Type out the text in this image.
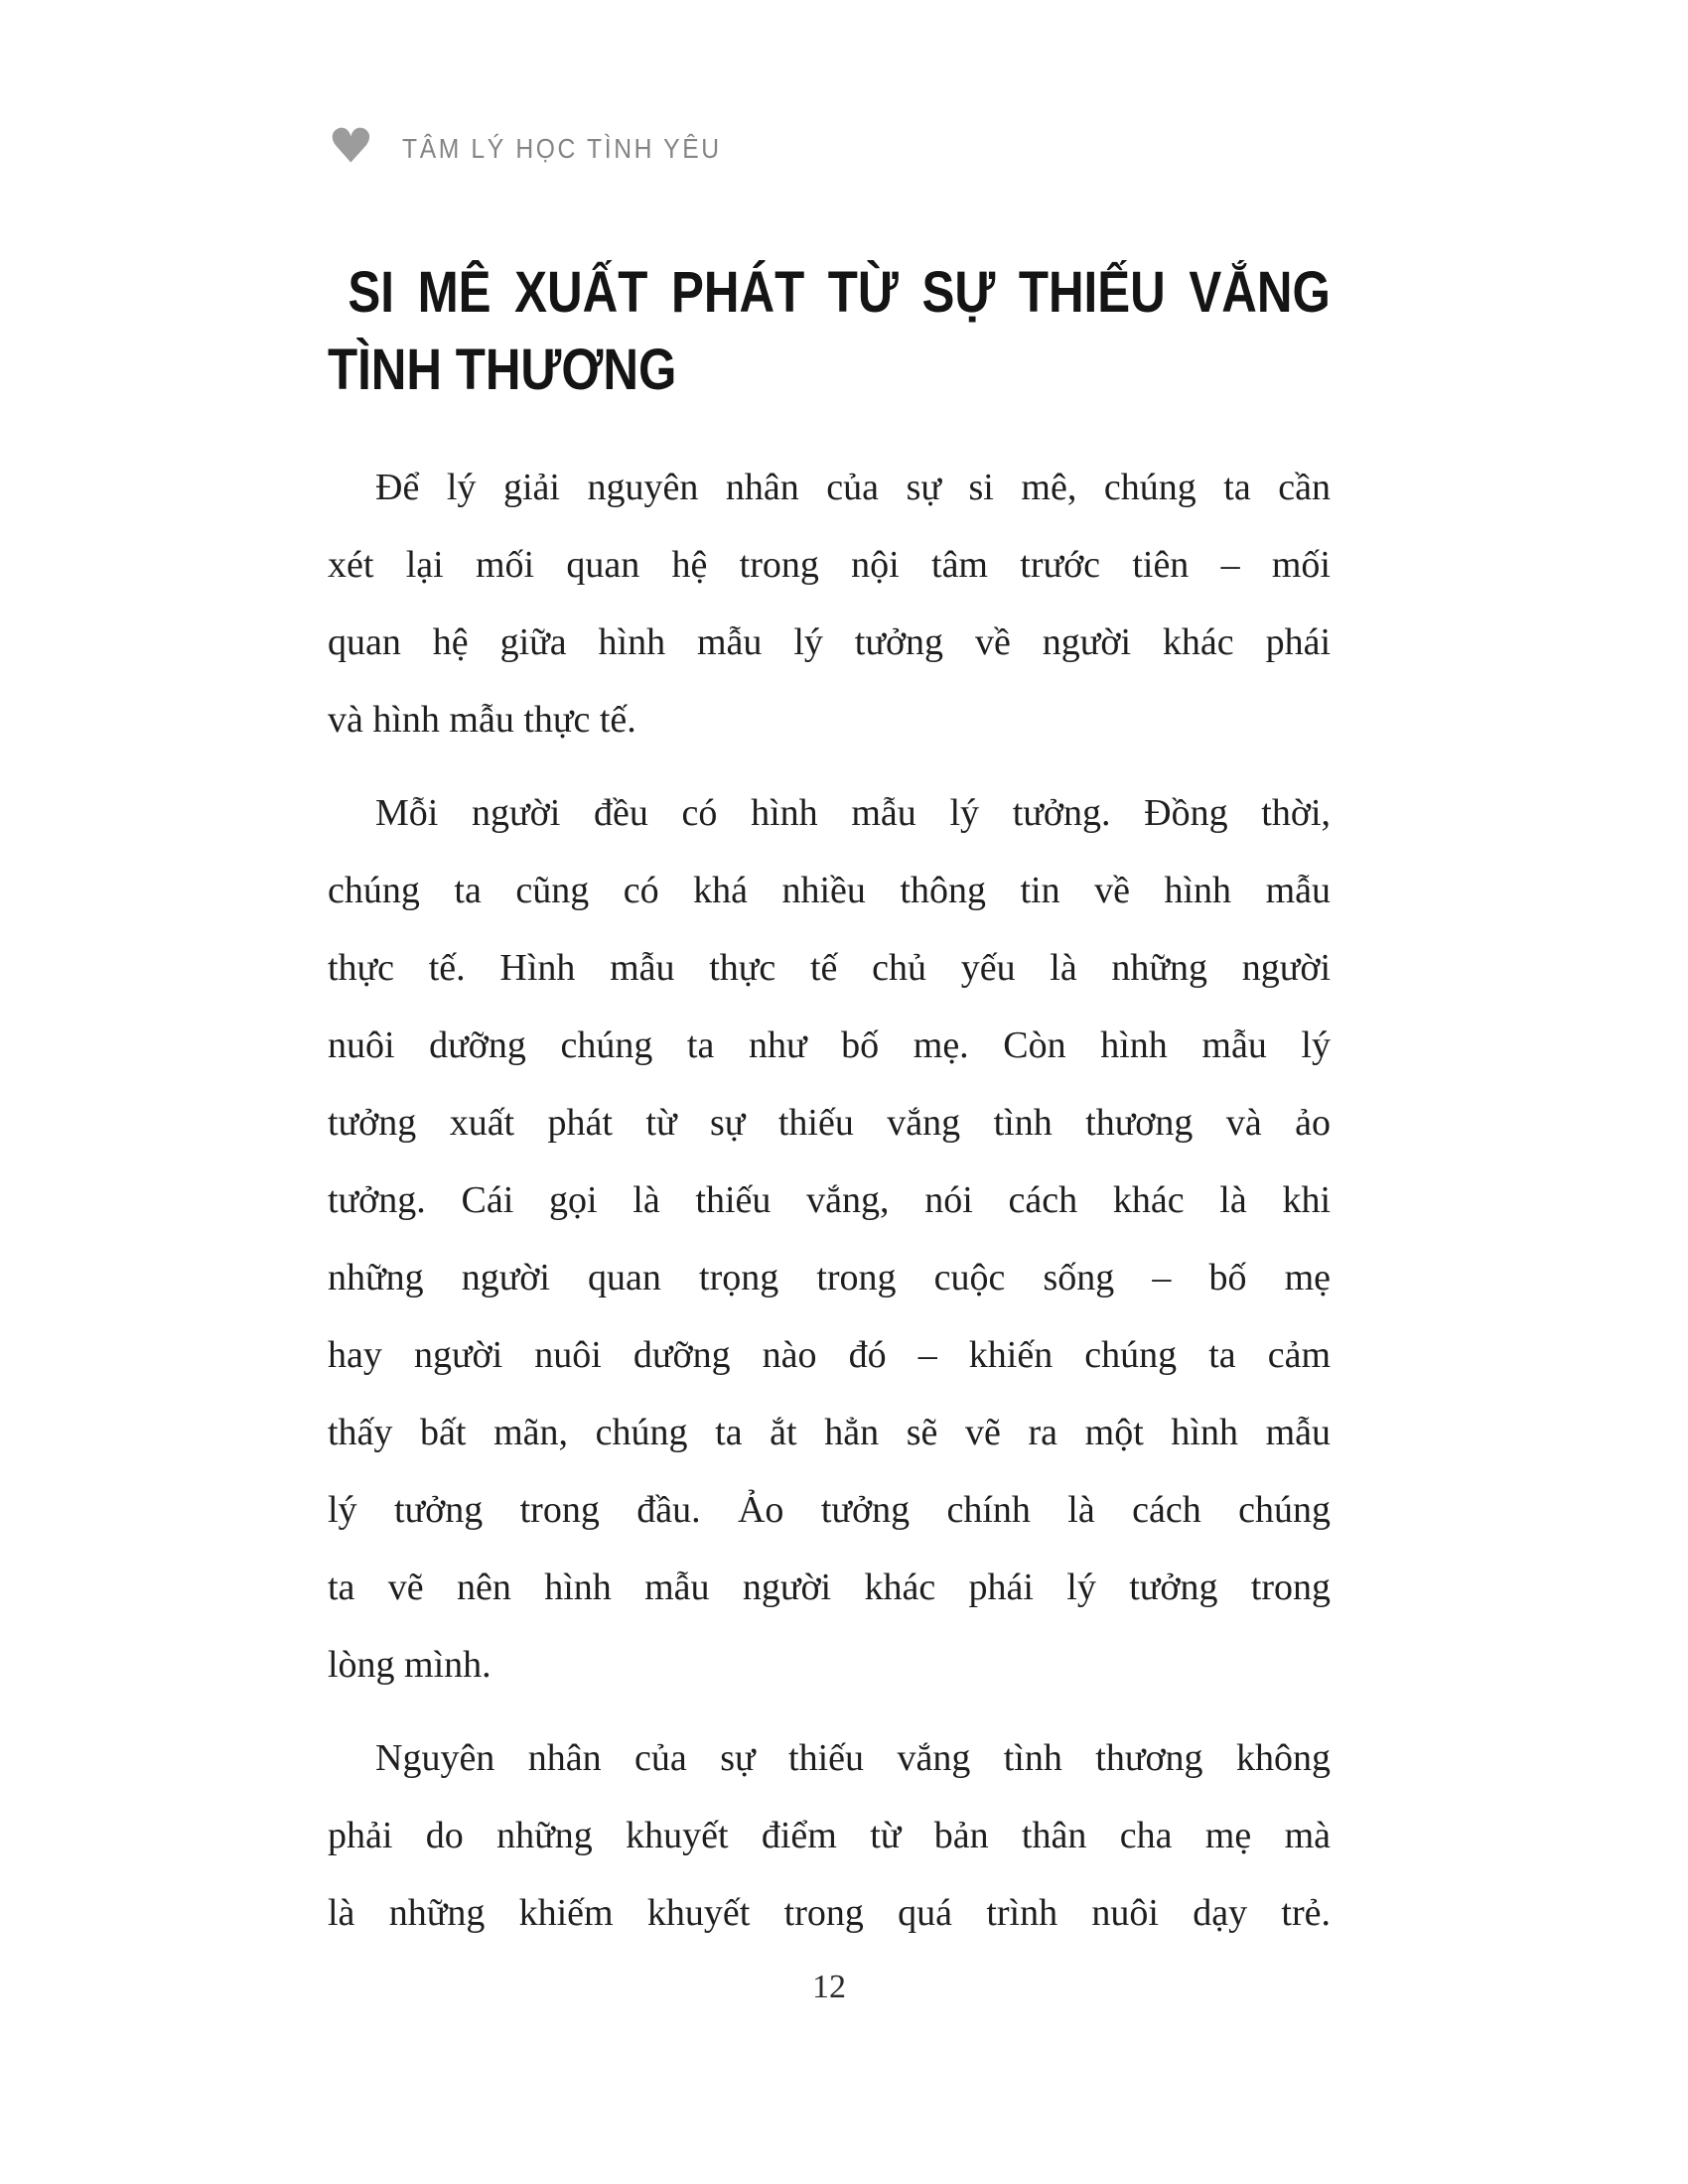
♥ TÂM LÝ HỌC TÌNH YÊU
SI MÊ XUẤT PHÁT TỪ SỰ THIẾU VẮNG
TÌNH THƯƠNG
Để lý giải nguyên nhân của sự si mê, chúng ta cần
xét lại mối quan hệ trong nội tâm trước tiên – mối
quan hệ giữa hình mẫu lý tưởng về người khác phái
và hình mẫu thực tế.
Mỗi người đều có hình mẫu lý tưởng. Đồng thời,
chúng ta cũng có khá nhiều thông tin về hình mẫu
thực tế. Hình mẫu thực tế chủ yếu là những người
nuôi dưỡng chúng ta như bố mẹ. Còn hình mẫu lý
tưởng xuất phát từ sự thiếu vắng tình thương và ảo
tưởng. Cái gọi là thiếu vắng, nói cách khác là khi
những người quan trọng trong cuộc sống – bố mẹ
hay người nuôi dưỡng nào đó – khiến chúng ta cảm
thấy bất mãn, chúng ta ắt hẳn sẽ vẽ ra một hình mẫu
lý tưởng trong đầu. Ảo tưởng chính là cách chúng
ta vẽ nên hình mẫu người khác phái lý tưởng trong
lòng mình.
Nguyên nhân của sự thiếu vắng tình thương không
phải do những khuyết điểm từ bản thân cha mẹ mà
là những khiếm khuyết trong quá trình nuôi dạy trẻ.
12
